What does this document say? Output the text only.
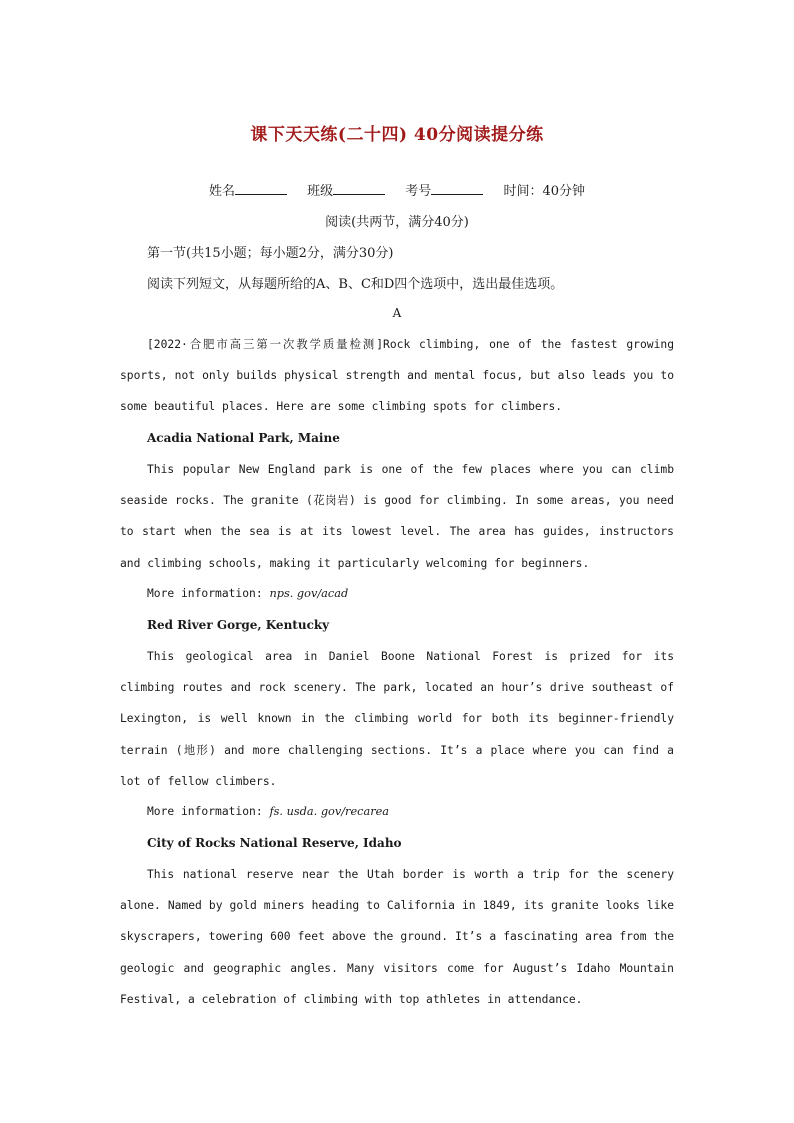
课下天天练(二十四) 40分阅读提分练
姓名	班级	考号	时间：40分钟
阅读(共两节，满分40分)
第一节(共15小题；每小题2分，满分30分)
阅读下列短文，从每题所给的A、B、C和D四个选项中，选出最佳选项。
A

[2022·合肥市高三第一次教学质量检测]Rock climbing, one of the fastest growing sports, not only builds physical strength and mental focus, but also leads you to some beautiful places. Here are some climbing spots for climbers.

Acadia National Park, Maine

This popular New England park is one of the few places where you can climb seaside rocks. The granite (花岗岩) is good for climbing. In some areas, you need to start when the sea is at its lowest level. The area has guides, instructors and climbing schools, making it particularly welcoming for beginners.

More information: nps. gov/acad
Red River Gorge, Kentucky

This geological area in Daniel Boone National Forest is prized for its climbing routes and rock scenery. The park, located an hour’s drive southeast of Lexington, is well known in the climbing world for both its beginner-friendly terrain (地形) and more challenging sections. It’s a place where you can find a lot of fellow climbers.

More information: fs. usda. gov/recarea
City of Rocks National Reserve, Idaho

This national reserve near the Utah border is worth a trip for the scenery alone. Named by gold miners heading to California in 1849, its granite looks like skyscrapers, towering 600 feet above the ground. It’s a fascinating area from the geologic and geographic angles. Many visitors come for August’s Idaho Mountain Festival, a celebration of climbing with top athletes in attendance.
